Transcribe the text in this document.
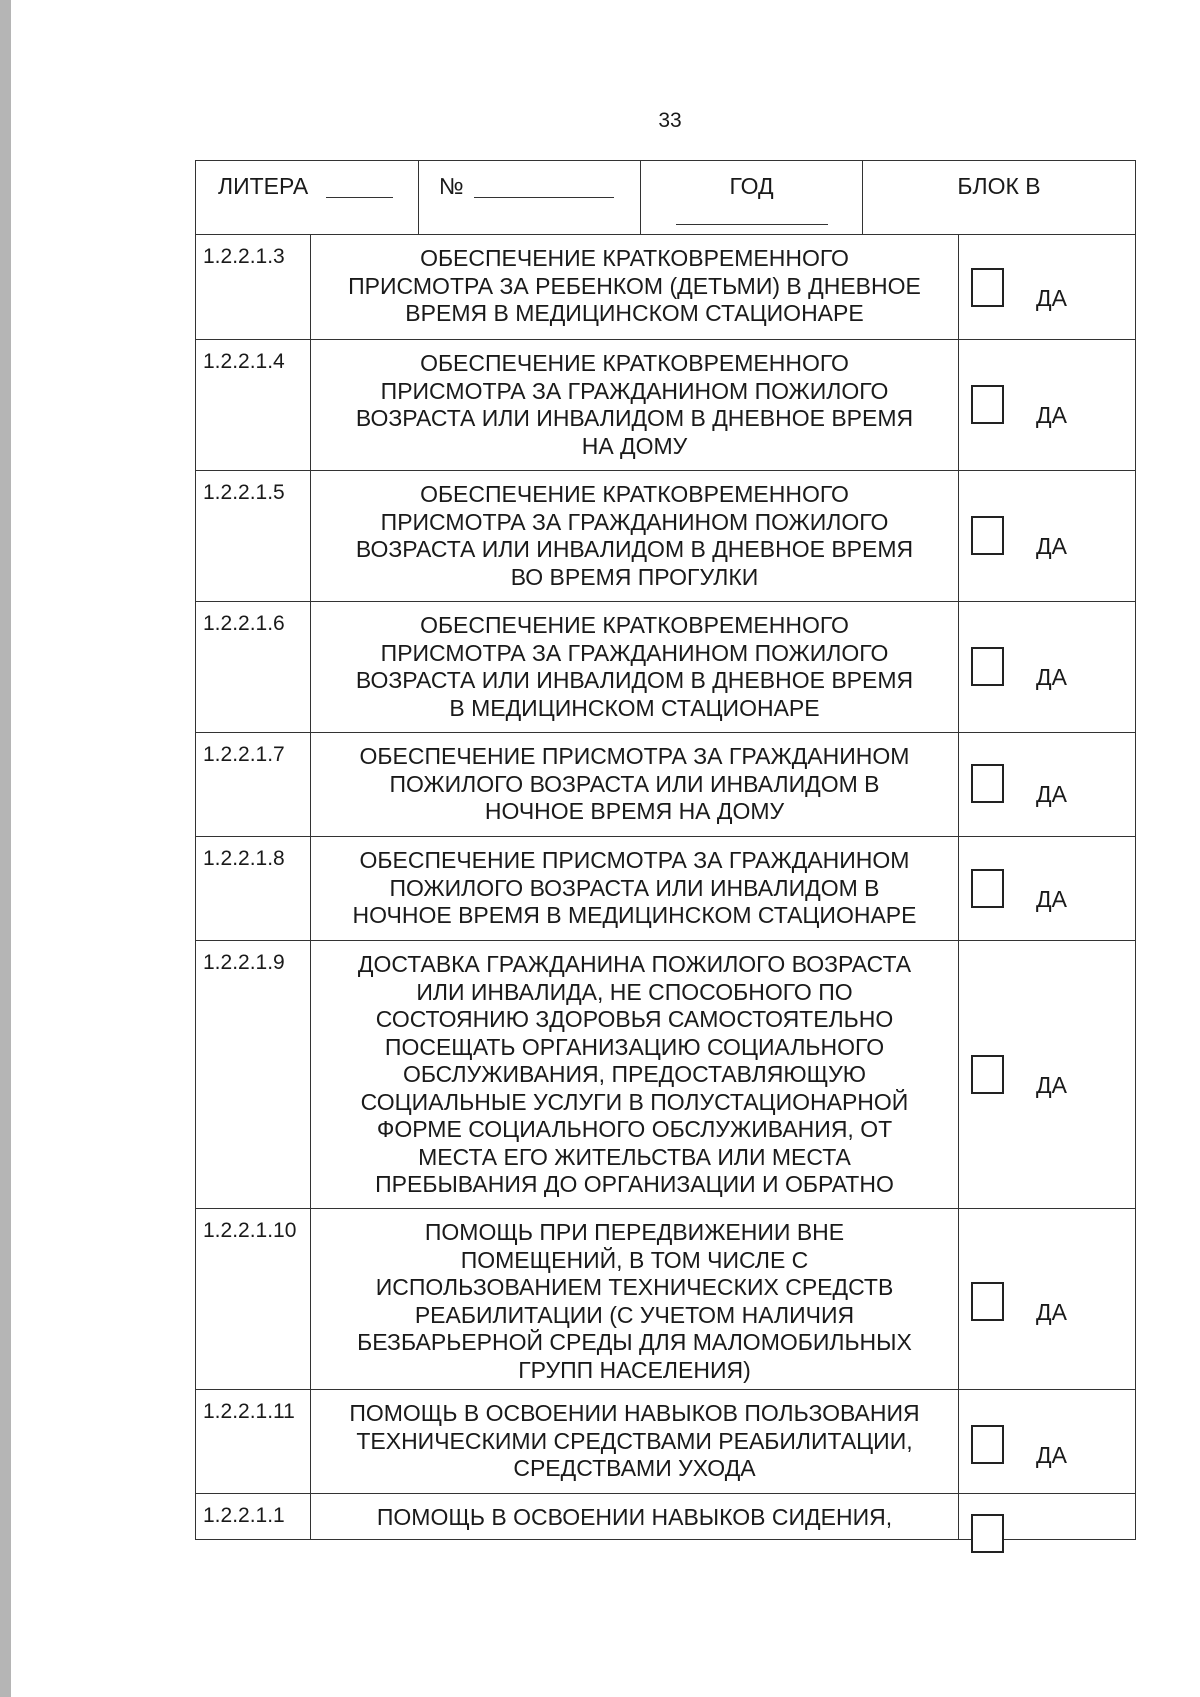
33
ЛИТЕРА	№	ГОД	БЛОК В
1.2.2.1.3	ОБЕСПЕЧЕНИЕ КРАТКОВРЕМЕННОГО
ПРИСМОТРА ЗА РЕБЕНКОМ (ДЕТЬМИ) В ДНЕВНОЕ
ВРЕМЯ В МЕДИЦИНСКОМ СТАЦИОНАРЕ
ДА
1.2.2.1.4	ОБЕСПЕЧЕНИЕ КРАТКОВРЕМЕННОГО
ПРИСМОТРА ЗА ГРАЖДАНИНОМ ПОЖИЛОГО
ВОЗРАСТА ИЛИ ИНВАЛИДОМ В ДНЕВНОЕ ВРЕМЯ
НА ДОМУ
ДА
1.2.2.1.5	ОБЕСПЕЧЕНИЕ КРАТКОВРЕМЕННОГО
ПРИСМОТРА ЗА ГРАЖДАНИНОМ ПОЖИЛОГО
ВОЗРАСТА ИЛИ ИНВАЛИДОМ В ДНЕВНОЕ ВРЕМЯ
ВО ВРЕМЯ ПРОГУЛКИ
ДА
1.2.2.1.6	ОБЕСПЕЧЕНИЕ КРАТКОВРЕМЕННОГО
ПРИСМОТРА ЗА ГРАЖДАНИНОМ ПОЖИЛОГО
ВОЗРАСТА ИЛИ ИНВАЛИДОМ В ДНЕВНОЕ ВРЕМЯ
В МЕДИЦИНСКОМ СТАЦИОНАРЕ
ДА
1.2.2.1.7	ОБЕСПЕЧЕНИЕ ПРИСМОТРА ЗА ГРАЖДАНИНОМ
ПОЖИЛОГО ВОЗРАСТА ИЛИ ИНВАЛИДОМ В
НОЧНОЕ ВРЕМЯ НА ДОМУ
ДА
1.2.2.1.8	ОБЕСПЕЧЕНИЕ ПРИСМОТРА ЗА ГРАЖДАНИНОМ
ПОЖИЛОГО ВОЗРАСТА ИЛИ ИНВАЛИДОМ В
НОЧНОЕ ВРЕМЯ В МЕДИЦИНСКОМ СТАЦИОНАРЕ
ДА
1.2.2.1.9	ДОСТАВКА ГРАЖДАНИНА ПОЖИЛОГО ВОЗРАСТА
ИЛИ ИНВАЛИДА, НЕ СПОСОБНОГО ПО
СОСТОЯНИЮ ЗДОРОВЬЯ САМОСТОЯТЕЛЬНО
ПОСЕЩАТЬ ОРГАНИЗАЦИЮ СОЦИАЛЬНОГО
ОБСЛУЖИВАНИЯ, ПРЕДОСТАВЛЯЮЩУЮ
СОЦИАЛЬНЫЕ УСЛУГИ В ПОЛУСТАЦИОНАРНОЙ
ФОРМЕ СОЦИАЛЬНОГО ОБСЛУЖИВАНИЯ, ОТ
МЕСТА ЕГО ЖИТЕЛЬСТВА ИЛИ МЕСТА
ПРЕБЫВАНИЯ ДО ОРГАНИЗАЦИИ И ОБРАТНО
ДА
1.2.2.1.10	ПОМОЩЬ ПРИ ПЕРЕДВИЖЕНИИ ВНЕ
ПОМЕЩЕНИЙ, В ТОМ ЧИСЛЕ С
ИСПОЛЬЗОВАНИЕМ ТЕХНИЧЕСКИХ СРЕДСТВ
РЕАБИЛИТАЦИИ (С УЧЕТОМ НАЛИЧИЯ
БЕЗБАРЬЕРНОЙ СРЕДЫ ДЛЯ МАЛОМОБИЛЬНЫХ
ГРУПП НАСЕЛЕНИЯ)
ДА
1.2.2.1.11	ПОМОЩЬ В ОСВОЕНИИ НАВЫКОВ ПОЛЬЗОВАНИЯ
ТЕХНИЧЕСКИМИ СРЕДСТВАМИ РЕАБИЛИТАЦИИ,
СРЕДСТВАМИ УХОДА	ДА
1.2.2.1.1	ПОМОЩЬ В ОСВОЕНИИ НАВЫКОВ СИДЕНИЯ,
